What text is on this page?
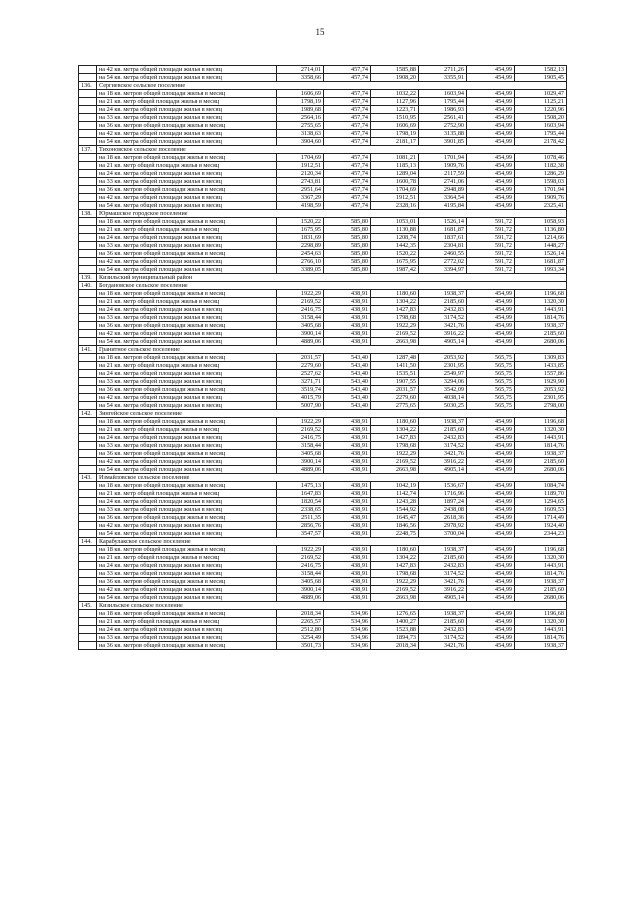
15
	на 42 кв. метра общей площади жилья в месяц	2714,01	457,74	1585,88	2711,26	454,99	1582,13
	на 54 кв. метра общей площади жилья в месяц	3358,66	457,74	1908,20	3355,91	454,99	1905,45
136.	Сергиевское сельское поселение						
	на 18 кв. метров общей площади жилья в месяц	1606,69	457,74	1032,22	1603,94	454,99	1029,47
	на 21 кв. метр общей площади жилья в месяц	1798,19	457,74	1127,96	1795,44	454,99	1125,21
	на 24 кв. метра общей площади жилья в месяц	1989,68	457,74	1223,71	1986,93	454,99	1220,96
	на 33 кв. метра общей площади жилья в месяц	2564,16	457,74	1510,95	2561,41	454,99	1508,20
	на 36 кв. метров общей площади жилья в месяц	2755,65	457,74	1606,69	2752,90	454,99	1603,94
	на 42 кв. метра общей площади жилья в месяц	3138,63	457,74	1798,19	3135,88	454,99	1795,44
	на 54 кв. метра общей площади жилья в месяц	3904,60	457,74	2181,17	3901,85	454,99	2178,42
137.	Тихоновское сельское поселение						
	на 18 кв. метров общей площади жилья в месяц	1704,69	457,74	1081,21	1701,94	454,99	1078,46
	на 21 кв. метр общей площади жилья в месяц	1912,51	457,74	1185,13	1909,76	454,99	1182,38
	на 24 кв. метра общей площади жилья в месяц	2120,34	457,74	1289,04	2117,59	454,99	1286,29
	на 33 кв. метра общей площади жилья в месяц	2743,81	457,74	1600,78	2741,06	454,99	1598,03
	на 36 кв. метров общей площади жилья в месяц	2951,64	457,74	1704,69	2948,89	454,99	1701,94
	на 42 кв. метра общей площади жилья в месяц	3367,29	457,74	1912,51	3364,54	454,99	1909,76
	на 54 кв. метра общей площади жилья в месяц	4198,59	457,74	2328,16	4195,84	454,99	2325,41
138.	Юрмашское городское поселение						
	на 18 кв. метров общей площади жилья в месяц	1520,22	585,80	1053,01	1526,14	591,72	1058,93
	на 21 кв. метр общей площади жилья в месяц	1675,95	585,80	1130,88	1681,87	591,72	1136,80
	на 24 кв. метра общей площади жилья в месяц	1831,69	585,80	1208,74	1837,61	591,72	1214,66
	на 33 кв. метра общей площади жилья в месяц	2298,89	585,80	1442,35	2304,81	591,72	1448,27
	на 36 кв. метров общей площади жилья в месяц	2454,63	585,80	1520,22	2460,55	591,72	1526,14
	на 42 кв. метра общей площади жилья в месяц	2766,10	585,80	1675,95	2772,02	591,72	1681,87
	на 54 кв. метра общей площади жилья в месяц	3389,05	585,80	1987,42	3394,97	591,72	1993,34
139.	Кизильский муниципальный район						
140.	Богдановское сельское поселение						
	на 18 кв. метров общей площади жилья в месяц	1922,29	438,91	1180,60	1938,37	454,99	1196,68
	на 21 кв. метр общей площади жилья в месяц	2169,52	438,91	1304,22	2185,60	454,99	1320,30
	на 24 кв. метра общей площади жилья в месяц	2416,75	438,91	1427,83	2432,83	454,99	1443,91
	на 33 кв. метра общей площади жилья в месяц	3158,44	438,91	1798,68	3174,52	454,99	1814,76
	на 36 кв. метров общей площади жилья в месяц	3405,68	438,91	1922,29	3421,76	454,99	1938,37
	на 42 кв. метра общей площади жилья в месяц	3900,14	438,91	2169,52	3916,22	454,99	2185,60
	на 54 кв. метра общей площади жилья в месяц	4889,06	438,91	2663,98	4905,14	454,99	2680,06
141.	Гранитное сельское поселение						
	на 18 кв. метров общей площади жилья в месяц	2031,57	543,40	1287,48	2053,92	565,75	1309,83
	на 21 кв. метр общей площади жилья в месяц	2279,60	543,40	1411,50	2301,95	565,75	1433,85
	на 24 кв. метра общей площади жилья в месяц	2527,62	543,40	1535,51	2549,97	565,75	1557,86
	на 33 кв. метра общей площади жилья в месяц	3271,71	543,40	1907,55	3294,06	565,75	1929,90
	на 36 кв. метров общей площади жилья в месяц	3519,74	543,40	2031,57	3542,09	565,75	2053,92
	на 42 кв. метра общей площади жилья в месяц	4015,79	543,40	2279,60	4038,14	565,75	2301,95
	на 54 кв. метра общей площади жилья в месяц	5007,90	543,40	2775,65	5030,25	565,75	2798,00
142.	Зингейское сельское поселение						
	на 18 кв. метров общей площади жилья в месяц	1922,29	438,91	1180,60	1938,37	454,99	1196,68
	на 21 кв. метр общей площади жилья в месяц	2169,52	438,91	1304,22	2185,60	454,99	1320,30
	на 24 кв. метра общей площади жилья в месяц	2416,75	438,91	1427,83	2432,83	454,99	1443,91
	на 33 кв. метра общей площади жилья в месяц	3158,44	438,91	1798,68	3174,52	454,99	1814,76
	на 36 кв. метров общей площади жилья в месяц	3405,68	438,91	1922,29	3421,76	454,99	1938,37
	на 42 кв. метра общей площади жилья в месяц	3900,14	438,91	2169,52	3916,22	454,99	2185,60
	на 54 кв. метра общей площади жилья в месяц	4889,06	438,91	2663,98	4905,14	454,99	2680,06
143.	Измайловское сельское поселение						
	на 18 кв. метров общей площади жилья в месяц	1475,13	438,91	1042,19	1536,67	454,99	1084,74
	на 21 кв. метр общей площади жилья в месяц	1647,83	438,91	1142,74	1716,96	454,99	1189,70
	на 24 кв. метра общей площади жилья в месяц	1820,54	438,91	1243,28	1897,24	454,99	1294,65
	на 33 кв. метра общей площади жилья в месяц	2338,65	438,91	1544,92	2438,08	454,99	1609,53
	на 36 кв. метров общей площади жилья в месяц	2511,35	438,91	1645,47	2618,36	454,99	1714,49
	на 42 кв. метра общей площади жилья в месяц	2856,76	438,91	1846,56	2978,92	454,99	1924,40
	на 54 кв. метра общей площади жилья в месяц	3547,57	438,91	2248,75	3700,04	454,99	2344,23
144.	Карабулакское сельское поселение						
	на 18 кв. метров общей площади жилья в месяц	1922,29	438,91	1180,60	1938,37	454,99	1196,68
	на 21 кв. метр общей площади жилья в месяц	2169,52	438,91	1304,22	2185,60	454,99	1320,30
	на 24 кв. метра общей площади жилья в месяц	2416,75	438,91	1427,83	2432,83	454,99	1443,91
	на 33 кв. метра общей площади жилья в месяц	3158,44	438,91	1798,68	3174,52	454,99	1814,76
	на 36 кв. метров общей площади жилья в месяц	3405,68	438,91	1922,29	3421,76	454,99	1938,37
	на 42 кв. метра общей площади жилья в месяц	3900,14	438,91	2169,52	3916,22	454,99	2185,60
	на 54 кв. метра общей площади жилья в месяц	4889,06	438,91	2663,98	4905,14	454,99	2680,06
145.	Кизильское сельское поселение						
	на 18 кв. метров общей площади жилья в месяц	2018,34	534,96	1276,65	1938,37	454,99	1196,68
	на 21 кв. метр общей площади жилья в месяц	2265,57	534,96	1400,27	2185,60	454,99	1320,30
	на 24 кв. метра общей площади жилья в месяц	2512,80	534,96	1523,88	2432,83	454,99	1443,91
	на 33 кв. метра общей площади жилья в месяц	3254,49	534,96	1894,73	3174,52	454,99	1814,76
	на 36 кв. метров общей площади жилья в месяц	3501,73	534,96	2018,34	3421,76	454,99	1938,37
